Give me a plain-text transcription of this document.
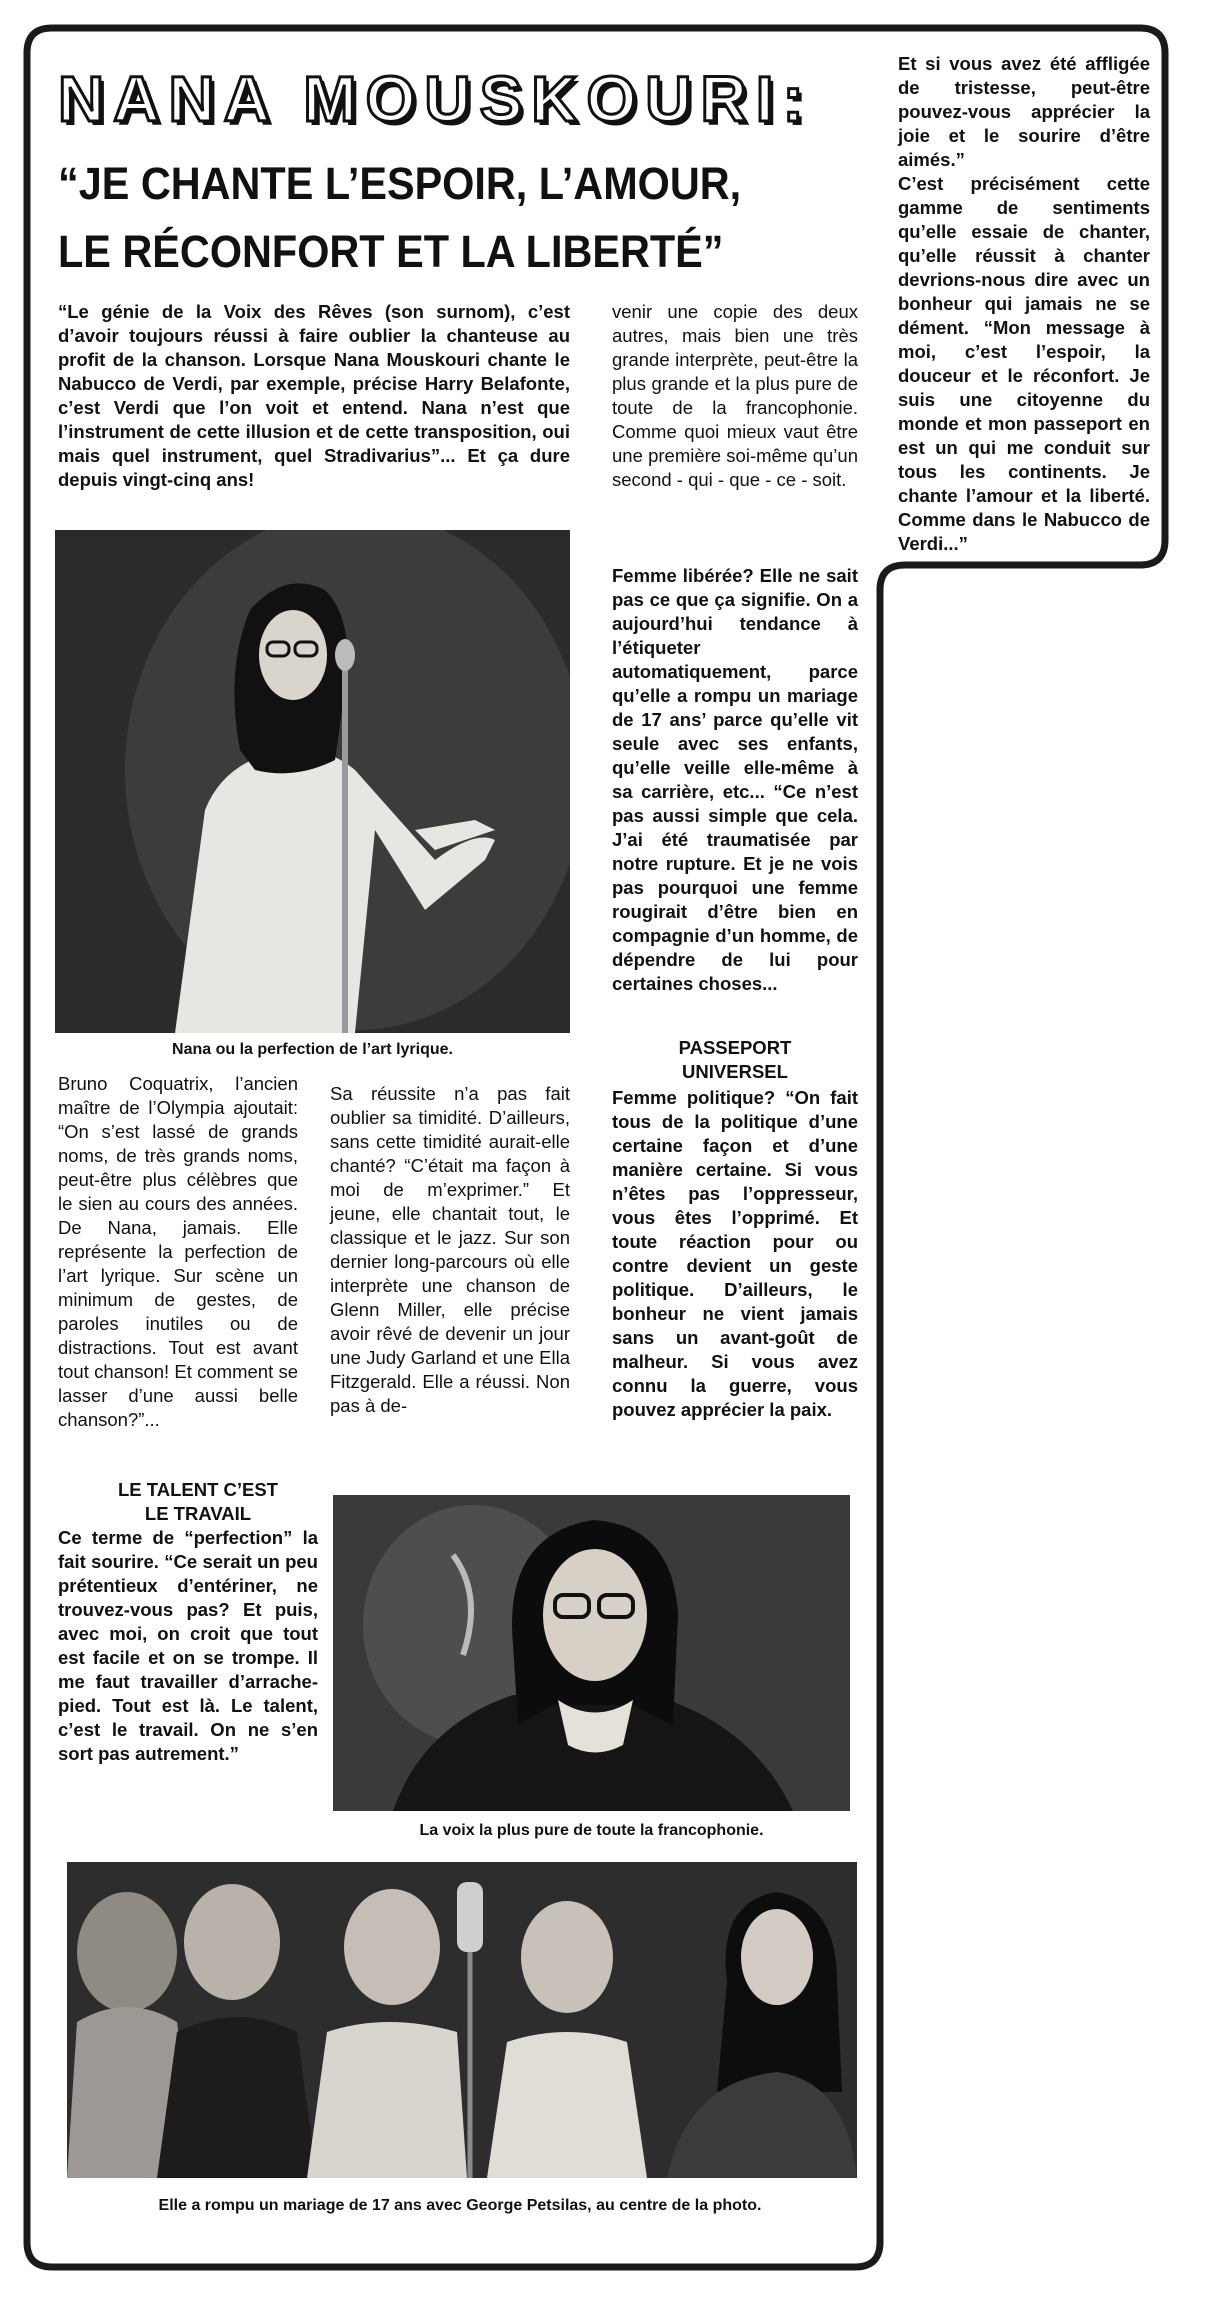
NANA MOUSKOURI:
“JE CHANTE L’ESPOIR, L’AMOUR,
LE RÉCONFORT ET LA LIBERTÉ”
“Le génie de la Voix des Rêves (son surnom), c’est d’avoir toujours réussi à faire oublier la chanteuse au profit de la chanson. Lorsque Nana Mouskouri chante le Nabucco de Verdi, par exemple, précise Harry Belafonte, c’est Verdi que l’on voit et entend. Nana n’est que l’instrument de cette illusion et de cette transposition, oui mais quel instrument, quel Stradivarius”... Et ça dure depuis vingt-cinq ans!
Nana ou la perfection de l’art lyrique.
Bruno Coquatrix, l’ancien maître de l’Olympia ajoutait: “On s’est lassé de grands noms, de très grands noms, peut-être plus célèbres que le sien au cours des années. De Nana, jamais. Elle représente la perfection de l’art lyrique. Sur scène un minimum de gestes, de paroles inutiles ou de distractions. Tout est avant tout chanson! Et comment se lasser d’une aussi belle chanson?”...
Sa réussite n’a pas fait oublier sa timidité. D’ailleurs, sans cette timidité aurait-elle chanté? “C’était ma façon à moi de m’exprimer.” Et jeune, elle chantait tout, le classique et le jazz. Sur son dernier long-parcours où elle interprète une chanson de Glenn Miller, elle précise avoir rêvé de devenir un jour une Judy Garland et une Ella Fitzgerald. Elle a réussi. Non pas à de-
LE TALENT C’EST
LE TRAVAIL
Ce terme de “perfection” la fait sourire. “Ce serait un peu prétentieux d’entériner, ne trouvez-vous pas? Et puis, avec moi, on croit que tout est facile et on se trompe. Il me faut travailler d’arrache-pied. Tout est là. Le talent, c’est le travail. On ne s’en sort pas autrement.”
La voix la plus pure de toute la francophonie.
venir une copie des deux autres, mais bien une très grande interprète, peut-être la plus grande et la plus pure de toute de la francophonie. Comme quoi mieux vaut être une première soi-même qu’un second - qui - que - ce - soit.
Femme libérée? Elle ne sait pas ce que ça signifie. On a aujourd’hui tendance à l’étiqueter automatiquement, parce qu’elle a rompu un mariage de 17 ans’ parce qu’elle vit seule avec ses enfants, qu’elle veille elle-même à sa carrière, etc... “Ce n’est pas aussi simple que cela. J’ai été traumatisée par notre rupture. Et je ne vois pas pourquoi une femme rougirait d’être bien en compagnie d’un homme, de dépendre de lui pour certaines choses...
PASSEPORT
UNIVERSEL
Femme politique? “On fait tous de la politique d’une certaine façon et d’une manière certaine. Si vous n’êtes pas l’oppresseur, vous êtes l’opprimé. Et toute réaction pour ou contre devient un geste politique. D’ailleurs, le bonheur ne vient jamais sans un avant-goût de malheur. Si vous avez connu la guerre, vous pouvez apprécier la paix.
Et si vous avez été affligée de tristesse, peut-être pouvez-vous apprécier la joie et le sourire d’être aimés.”
C’est précisément cette gamme de sentiments qu’elle essaie de chanter, qu’elle réussit à chanter devrions-nous dire avec un bonheur qui jamais ne se dément. “Mon message à moi, c’est l’espoir, la douceur et le réconfort. Je suis une citoyenne du monde et mon passeport en est un qui me conduit sur tous les continents. Je chante l’amour et la liberté. Comme dans le Nabucco de Verdi...”
Elle a rompu un mariage de 17 ans avec George Petsilas, au centre de la photo.
